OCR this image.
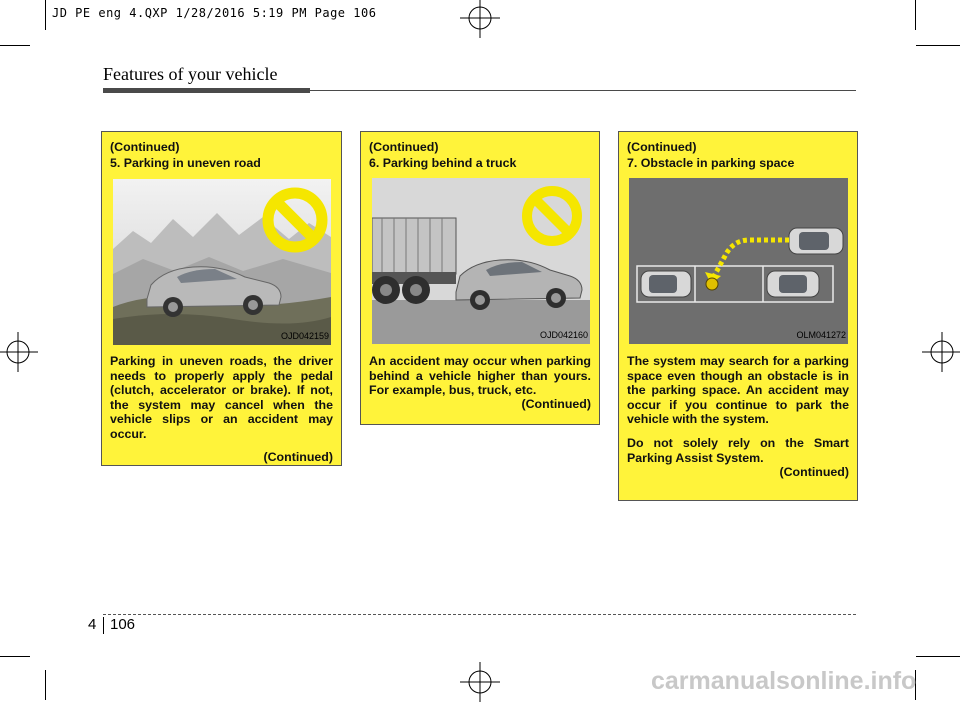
JD PE eng 4.QXP 1/28/2016 5:19 PM Page 106
Features of your vehicle
(Continued)
5. Parking in uneven road
OJD042159

Parking in uneven roads, the driver needs to properly apply the pedal (clutch, accelerator or brake). If not, the system may cancel when the vehicle slips or an accident may occur.

(Continued)
(Continued)
6. Parking behind a truck
OJD042160

An accident may occur when parking behind a vehicle higher than yours. For example, bus, truck, etc.

(Continued)
(Continued)
7. Obstacle in parking space
OLM041272

The system may search for a parking space even though an obstacle is in the parking space. An accident may occur if you continue to park the vehicle with the system.

Do not solely rely on the Smart Parking Assist System.

(Continued)
4 106
carmanualsonline.info
